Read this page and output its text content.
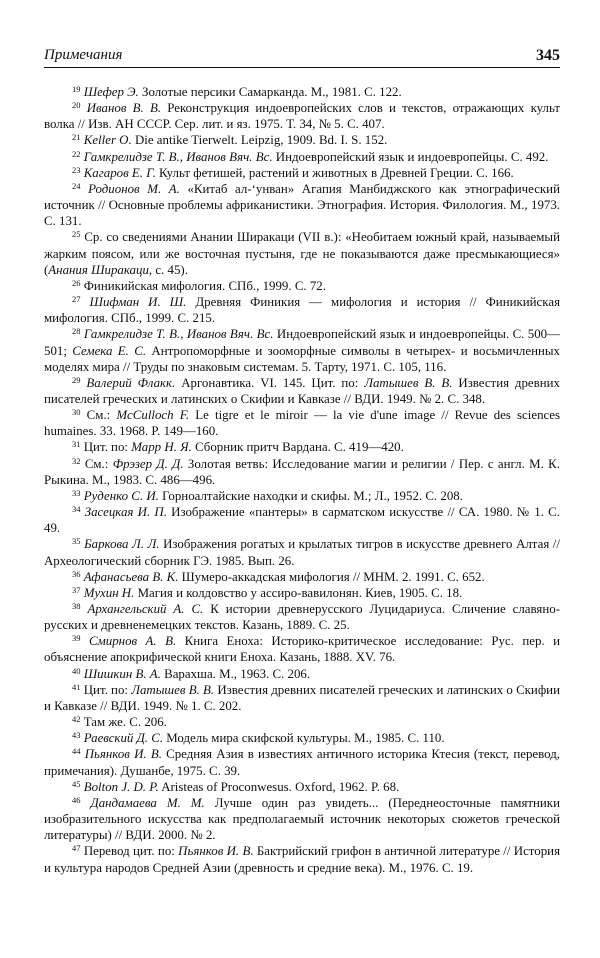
Примечания	345

$^{19}$ Шефер Э. Золотые персики Самарканда. М., 1981. С. 122.

$^{20}$ Иванов В. В. Реконструкция индоевропейских слов и текстов, отражающих культ волка // Изв. АН СССР. Сер. лит. и яз. 1975. Т. 34, № 5. С. 407.

$^{21}$ Keller O. Die antike Tierwelt. Leipzig, 1909. Bd. I. S. 152.

$^{22}$ Гамкрелидзе Т. В., Иванов Вяч. Вс. Индоевропейский язык и индоевропейцы. С. 492.

$^{23}$ Кагаров Е. Г. Культ фетишей, растений и животных в Древней Греции. С. 166.

$^{24}$ Родионов М. А. «Китаб ал-‘унван» Агапия Манбиджского как этнографический источник // Основные проблемы африканистики. Этнография. История. Филология. М., 1973. С. 131.

$^{25}$ Ср. со сведениями Анании Ширакаци (VII в.): «Необитаем южный край, называемый жарким поясом, или же восточная пустыня, где не показываются даже пресмыкающиеся» (Анания Ширакаци, с. 45).

$^{26}$ Финикийская мифология. СПб., 1999. С. 72.

$^{27}$ Шифман И. Ш. Древняя Финикия — мифология и история // Финикийская мифология. СПб., 1999. С. 215.

$^{28}$ Гамкрелидзе Т. В., Иванов Вяч. Вс. Индоевропейский язык и индоевропейцы. С. 500—501; Семека Е. С. Антропоморфные и зооморфные символы в четырех- и восьмичленных моделях мира // Труды по знаковым системам. 5. Тарту, 1971. С. 105, 116.

$^{29}$ Валерий Флакк. Аргонавтика. VI. 145. Цит. по: Латышев В. В. Известия древних писателей греческих и латинских о Скифии и Кавказе // ВДИ. 1949. № 2. С. 348.

$^{30}$ См.: McCulloch F. Le tigre et le miroir — la vie d'une image // Revue des sciences humaines. 33. 1968. P. 149—160.

$^{31}$ Цит. по: Марр Н. Я. Сборник притч Вардана. С. 419—420.

$^{32}$ См.: Фрэзер Д. Д. Золотая ветвь: Исследование магии и религии / Пер. с англ. М. К. Рыкина. М., 1983. С. 486—496.

$^{33}$ Руденко С. И. Горноалтайские находки и скифы. М.; Л., 1952. С. 208.

$^{34}$ Засецкая И. П. Изображение «пантеры» в сарматском искусстве // СА. 1980. № 1. С. 49.

$^{35}$ Баркова Л. Л. Изображения рогатых и крылатых тигров в искусстве древнего Алтая // Археологический сборник ГЭ. 1985. Вып. 26.

$^{36}$ Афанасьева В. К. Шумеро-аккадская мифология // МНМ. 2. 1991. С. 652.

$^{37}$ Мухин Н. Магия и колдовство у ассиро-вавилонян. Киев, 1905. С. 18.

$^{38}$ Архангельский А. С. К истории древнерусского Луцидариуса. Сличение славяно-русских и древненемецких текстов. Казань, 1889. С. 25.

$^{39}$ Смирнов А. В. Книга Еноха: Историко-критическое исследование: Рус. пер. и объяснение апокрифической книги Еноха. Казань, 1888. XV. 76.

$^{40}$ Шишкин В. А. Варахша. М., 1963. С. 206.

$^{41}$ Цит. по: Латышев В. В. Известия древних писателей греческих и латинских о Скифии и Кавказе // ВДИ. 1949. № 1. С. 202.

$^{42}$ Там же. С. 206.

$^{43}$ Раевский Д. С. Модель мира скифской культуры. М., 1985. С. 110.

$^{44}$ Пьянков И. В. Средняя Азия в известиях античного историка Ктесия (текст, перевод, примечания). Душанбе, 1975. С. 39.

$^{45}$ Bolton J. D. P. Aristeas of Proconwesus. Oxford, 1962. P. 68.

$^{46}$ Дандамаева М. М. Лучше один раз увидеть... (Переднеосточные памятники изобразительного искусства как предполагаемый источник некоторых сюжетов греческой литературы) // ВДИ. 2000. № 2.

$^{47}$ Перевод цит. по: Пьянков И. В. Бактрийский грифон в античной литературе // История и культура народов Средней Азии (древность и средние века). М., 1976. С. 19.
